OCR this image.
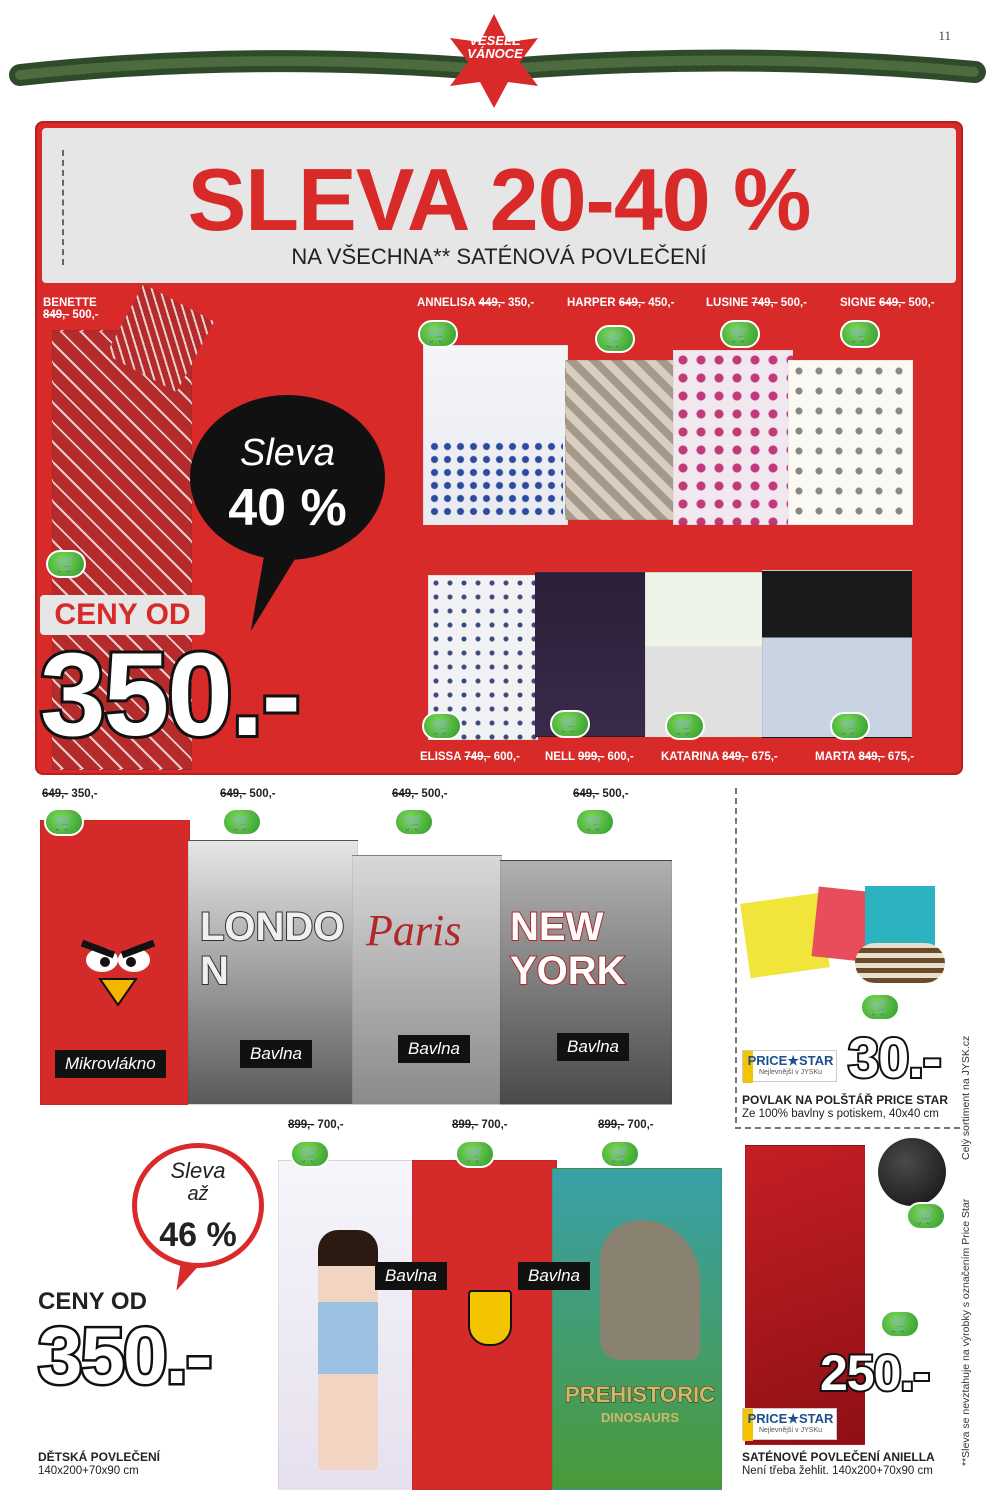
11
VESELÉ VÁNOCE
SLEVA 20-40 %
NA VŠECHNA** SATÉNOVÁ POVLEČENÍ
BENETTE
849,- 500,-
🛒
Sleva
40 %
CENY OD
350.-
ANNELISA 449,- 350,-	HARPER 649,- 450,-	LUSINE 749,- 500,-	SIGNE 649,- 500,-
🛒	🛒	🛒	🛒
ELISSA 749,- 600,- NELL 999,- 600,- KATARINA 849,- 675,-	MARTA 849,- 675,-
🛒	🛒	🛒	🛒
LONDON
Paris NEW YORK
649,- 350,-	649,- 500,-	649,- 500,-	649,- 500,-
🛒	🛒	🛒	🛒
Mikrovlákno
Bavlna	Bavlna	Bavlna
🛒
PRICE★STAR
Nejlevnější v JYSKu 30.-
POVLAK NA POLŠTÁŘ PRICE STAR
Ze 100% bavlny s potiskem, 40x40 cm
PREHISTORIC
DINOSAURS
899,- 700,-	899,- 700,-	899,- 700,-
🛒	🛒	🛒
Bavlna	Bavlna
Sleva
až
46 %
CENY OD
350.-
DĚTSKÁ POVLEČENÍ
140x200+70x90 cm
🛒
🛒
250.-
PRICE★STAR
Nejlevnější v JYSKu
SATÉNOVÉ POVLEČENÍ ANIELLA
Není třeba žehlit. 140x200+70x90 cm
**Sleva se nevztahuje na výrobky s označením Price Star
Celý sortiment na JYSK.cz
